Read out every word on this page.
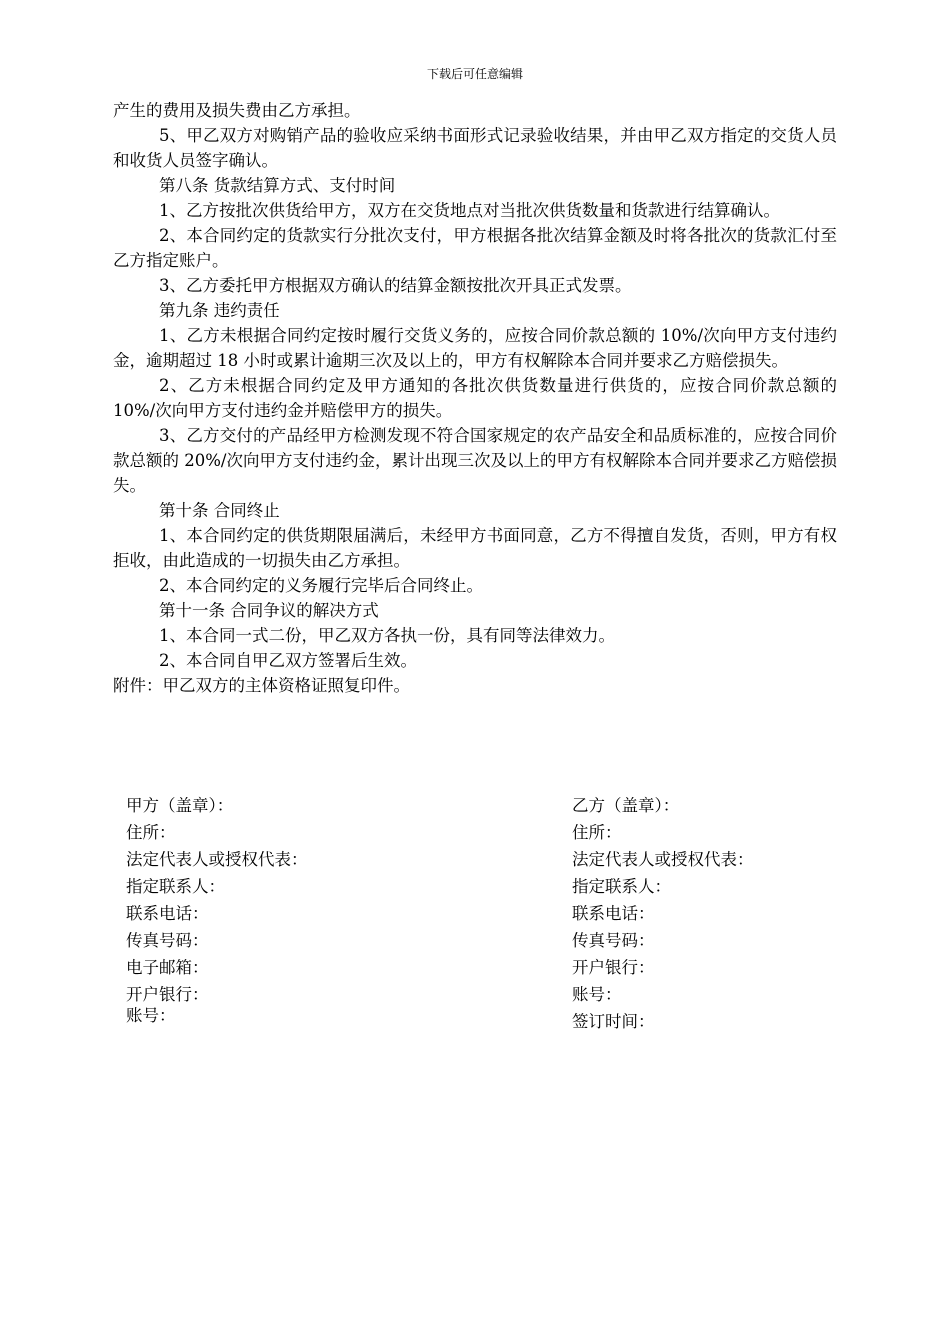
下载后可任意编辑

产生的费用及损失费由乙方承担。

5、甲乙双方对购销产品的验收应采纳书面形式记录验收结果，并由甲乙双方指定的交货人员和收货人员签字确认。

第八条 货款结算方式、支付时间

1、乙方按批次供货给甲方，双方在交货地点对当批次供货数量和货款进行结算确认。

2、本合同约定的货款实行分批次支付，甲方根据各批次结算金额及时将各批次的货款汇付至乙方指定账户。

3、乙方委托甲方根据双方确认的结算金额按批次开具正式发票。

第九条 违约责任

1、乙方未根据合同约定按时履行交货义务的，应按合同价款总额的 10%/次向甲方支付违约金，逾期超过 18 小时或累计逾期三次及以上的，甲方有权解除本合同并要求乙方赔偿损失。

2、乙方未根据合同约定及甲方通知的各批次供货数量进行供货的，应按合同价款总额的 10%/次向甲方支付违约金并赔偿甲方的损失。

3、乙方交付的产品经甲方检测发现不符合国家规定的农产品安全和品质标准的，应按合同价款总额的 20%/次向甲方支付违约金，累计出现三次及以上的甲方有权解除本合同并要求乙方赔偿损失。

第十条 合同终止

1、本合同约定的供货期限届满后，未经甲方书面同意，乙方不得擅自发货，否则，甲方有权拒收，由此造成的一切损失由乙方承担。

2、本合同约定的义务履行完毕后合同终止。

第十一条 合同争议的解决方式

1、本合同一式二份，甲乙双方各执一份，具有同等法律效力。

2、本合同自甲乙双方签署后生效。

附件：甲乙双方的主体资格证照复印件。

甲方（盖章）：

住所：

法定代表人或授权代表：

指定联系人：

联系电话：

传真号码：

电子邮箱：

开户银行：

账号：

乙方（盖章）：

住所：

法定代表人或授权代表：

指定联系人：

联系电话：

传真号码：

开户银行：

账号：

签订时间：
